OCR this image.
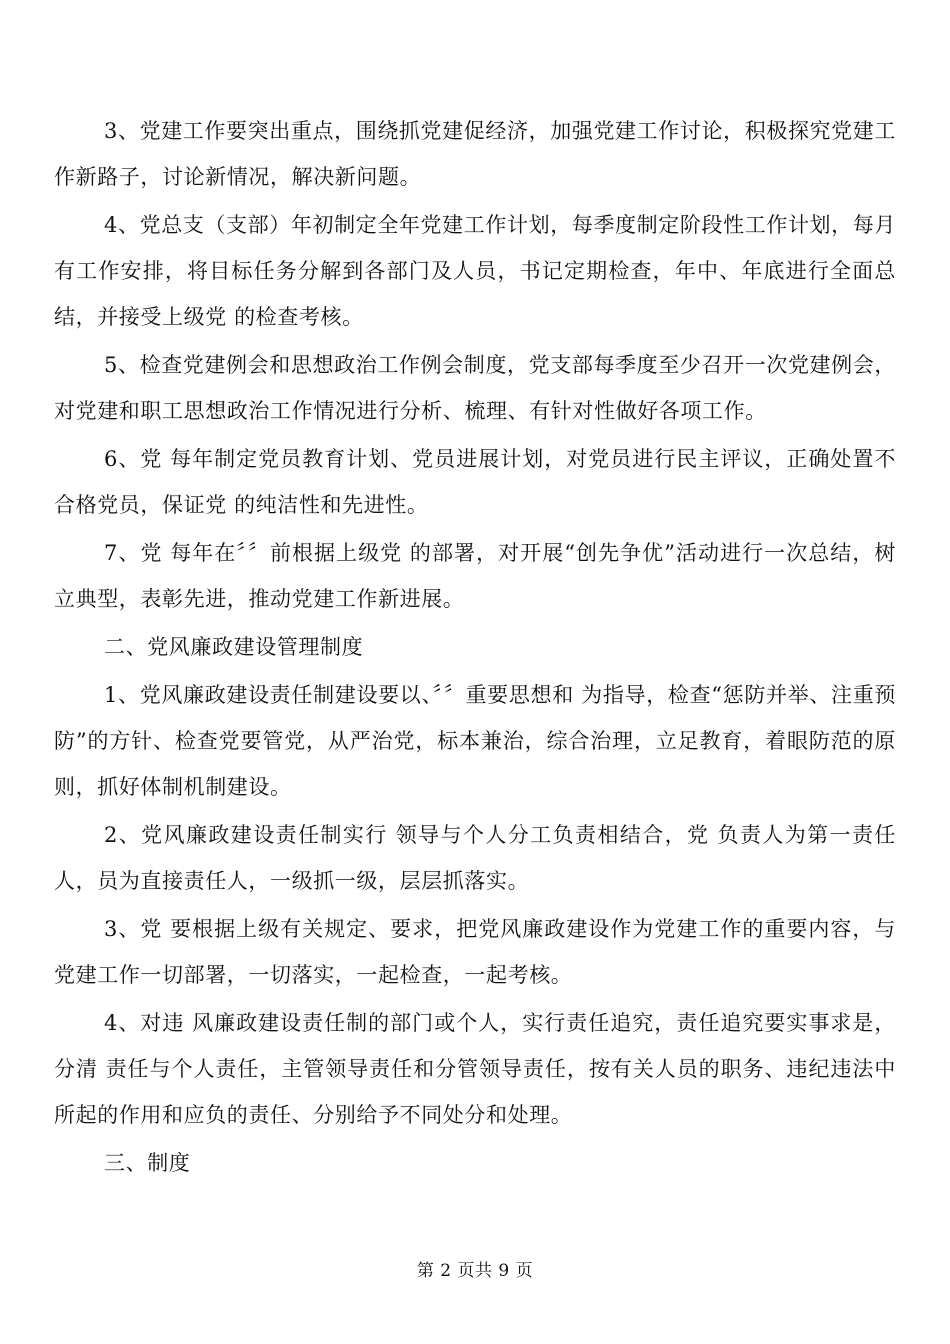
3、党建工作要突出重点，围绕抓党建促经济，加强党建工作讨论，积极探究党建工作新路子，讨论新情况，解决新问题。

4、党总支（支部）年初制定全年党建工作计划，每季度制定阶段性工作计划，每月有工作安排，将目标任务分解到各部门及人员，书记定期检查，年中、年底进行全面总结，并接受上级党 的检查考核。

5、检查党建例会和思想政治工作例会制度，党支部每季度至少召开一次党建例会，对党建和职工思想政治工作情况进行分析、梳理、有针对性做好各项工作。

6、党 每年制定党员教育计划、党员进展计划，对党员进行民主评议，正确处置不合格党员，保证党 的纯洁性和先进性。

7、党 每年在〞〞前根据上级党 的部署，对开展“创先争优”活动进行一次总结，树立典型，表彰先进，推动党建工作新进展。

二、党风廉政建设管理制度

1、党风廉政建设责任制建设要以、〞〞重要思想和 为指导，检查“惩防并举、注重预防”的方针、检查党要管党，从严治党，标本兼治，综合治理，立足教育，着眼防范的原则，抓好体制机制建设。

2、党风廉政建设责任制实行 领导与个人分工负责相结合，党 负责人为第一责任人，员为直接责任人，一级抓一级，层层抓落实。

3、党 要根据上级有关规定、要求，把党风廉政建设作为党建工作的重要内容，与党建工作一切部署，一切落实，一起检查，一起考核。

4、对违 风廉政建设责任制的部门或个人，实行责任追究，责任追究要实事求是，分清 责任与个人责任，主管领导责任和分管领导责任，按有关人员的职务、违纪违法中所起的作用和应负的责任、分别给予不同处分和处理。

三、制度

第 2 页共 9 页
